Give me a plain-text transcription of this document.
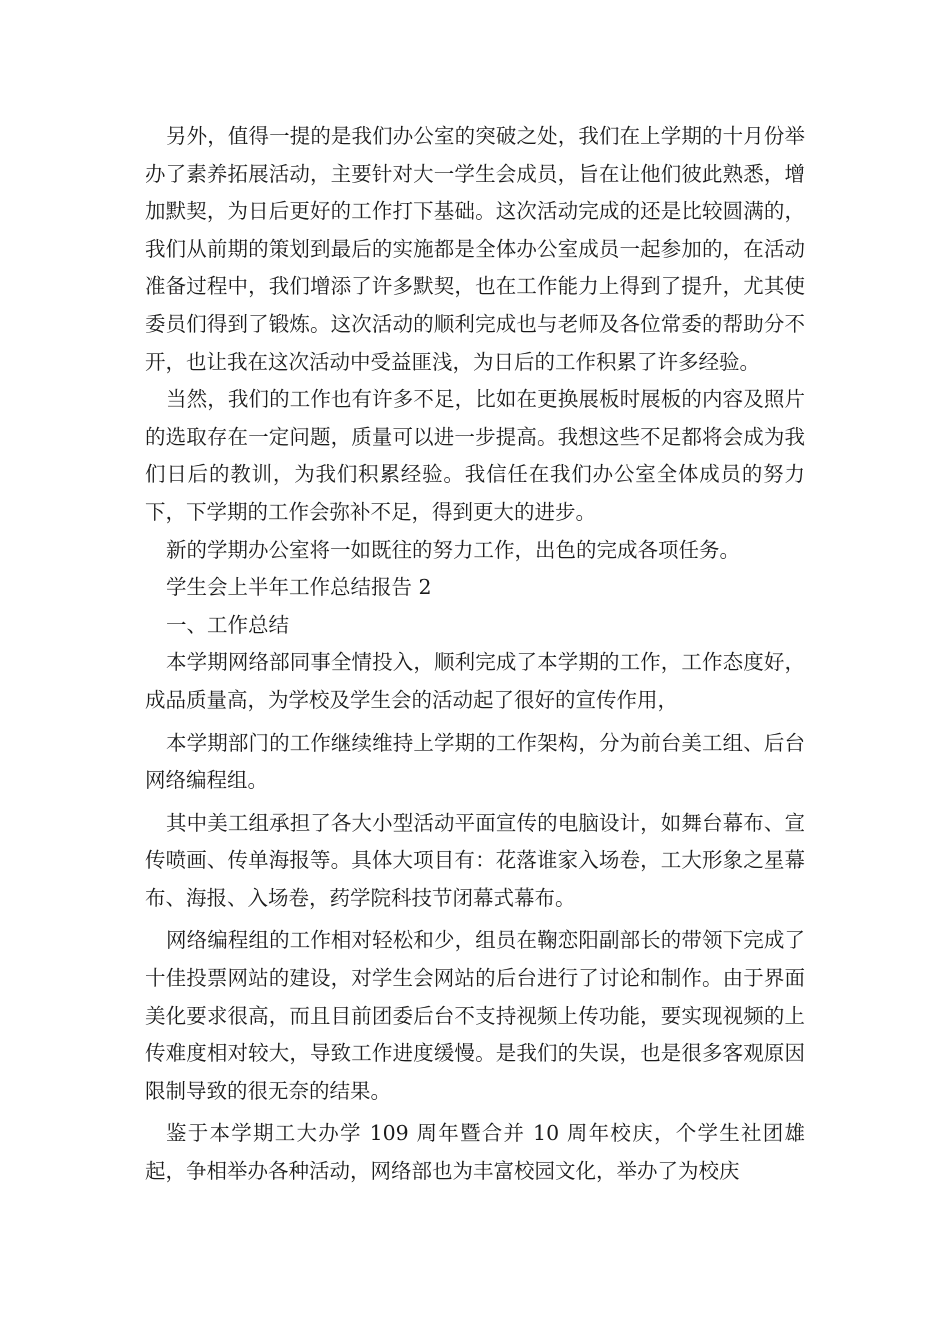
另外，值得一提的是我们办公室的突破之处，我们在上学期的十月份举办了素养拓展活动，主要针对大一学生会成员，旨在让他们彼此熟悉，增加默契，为日后更好的工作打下基础。这次活动完成的还是比较圆满的，我们从前期的策划到最后的实施都是全体办公室成员一起参加的，在活动准备过程中，我们增添了许多默契，也在工作能力上得到了提升，尤其使委员们得到了锻炼。这次活动的顺利完成也与老师及各位常委的帮助分不开，也让我在这次活动中受益匪浅，为日后的工作积累了许多经验。

当然，我们的工作也有许多不足，比如在更换展板时展板的内容及照片的选取存在一定问题，质量可以进一步提高。我想这些不足都将会成为我们日后的教训，为我们积累经验。我信任在我们办公室全体成员的努力下，下学期的工作会弥补不足，得到更大的进步。

新的学期办公室将一如既往的努力工作，出色的完成各项任务。

学生会上半年工作总结报告 2

一、工作总结

本学期网络部同事全情投入，顺利完成了本学期的工作，工作态度好，成品质量高，为学校及学生会的活动起了很好的宣传作用，

本学期部门的工作继续维持上学期的工作架构，分为前台美工组、后台网络编程组。

其中美工组承担了各大小型活动平面宣传的电脑设计，如舞台幕布、宣传喷画、传单海报等。具体大项目有：花落谁家入场卷，工大形象之星幕布、海报、入场卷，药学院科技节闭幕式幕布。

网络编程组的工作相对轻松和少，组员在鞠恋阳副部长的带领下完成了十佳投票网站的建设，对学生会网站的后台进行了讨论和制作。由于界面美化要求很高，而且目前团委后台不支持视频上传功能，要实现视频的上传难度相对较大，导致工作进度缓慢。是我们的失误，也是很多客观原因限制导致的很无奈的结果。

鉴于本学期工大办学 109 周年暨合并 10 周年校庆，个学生社团雄起，争相举办各种活动，网络部也为丰富校园文化，举办了为校庆
